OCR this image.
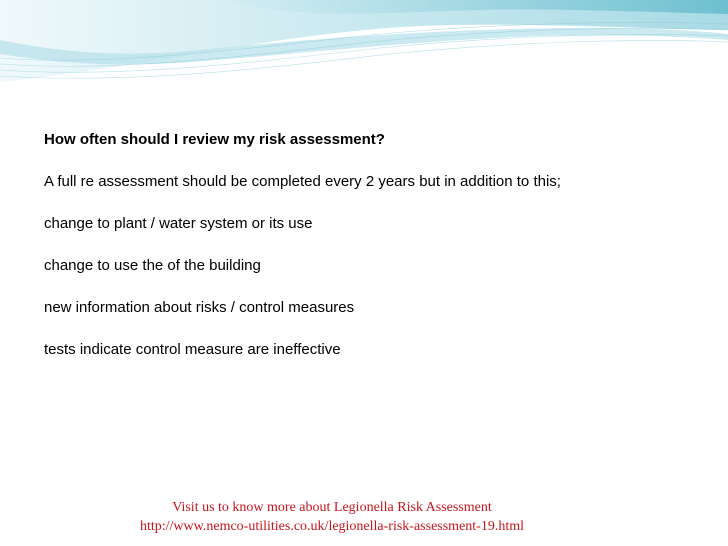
How often should I review my risk assessment?

A full re assessment should be completed every 2 years but in addition to this;

change to plant / water system or its use

change to use the of the building

new information about risks / control measures

tests indicate control measure are ineffective

Visit us to know more about Legionella Risk Assessment
http://www.nemco-utilities.co.uk/legionella-risk-assessment-19.html
